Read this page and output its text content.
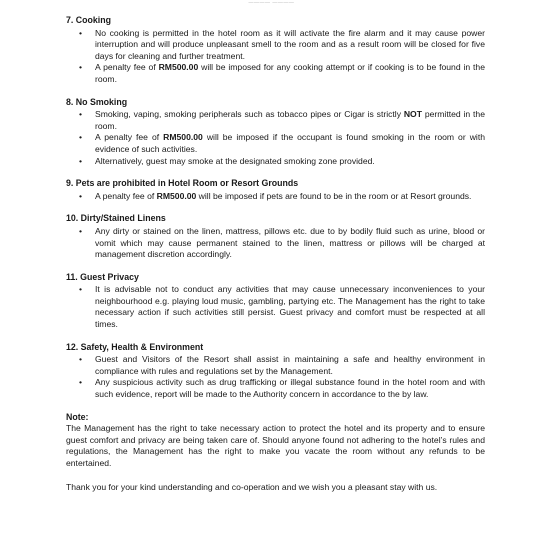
———— ————
7. Cooking
• No cooking is permitted in the hotel room as it will activate the fire alarm and it may cause power interruption and will produce unpleasant smell to the room and as a result room will be closed for five days for cleaning and further treatment.
• A penalty fee of RM500.00 will be imposed for any cooking attempt or if cooking is to be found in the room.
8. No Smoking
• Smoking, vaping, smoking peripherals such as tobacco pipes or Cigar is strictly NOT permitted in the room.
• A penalty fee of RM500.00 will be imposed if the occupant is found smoking in the room or with evidence of such activities.
• Alternatively, guest may smoke at the designated smoking zone provided.
9. Pets are prohibited in Hotel Room or Resort Grounds
• A penalty fee of RM500.00 will be imposed if pets are found to be in the room or at Resort grounds.
10. Dirty/Stained Linens
• Any dirty or stained on the linen, mattress, pillows etc. due to by bodily fluid such as urine, blood or vomit which may cause permanent stained to the linen, mattress or pillows will be charged at management discretion accordingly.
11. Guest Privacy
• It is advisable not to conduct any activities that may cause unnecessary inconveniences to your neighbourhood e.g. playing loud music, gambling, partying etc. The Management has the right to take necessary action if such activities still persist. Guest privacy and comfort must be respected at all times.
12. Safety, Health & Environment
• Guest and Visitors of the Resort shall assist in maintaining a safe and healthy environment in compliance with rules and regulations set by the Management.
• Any suspicious activity such as drug trafficking or illegal substance found in the hotel room and with such evidence, report will be made to the Authority concern in accordance to the by law.
Note:

The Management has the right to take necessary action to protect the hotel and its property and to ensure guest comfort and privacy are being taken care of. Should anyone found not adhering to the hotel’s rules and regulations, the Management has the right to make you vacate the room without any refunds to be entertained.

Thank you for your kind understanding and co-operation and we wish you a pleasant stay with us.
